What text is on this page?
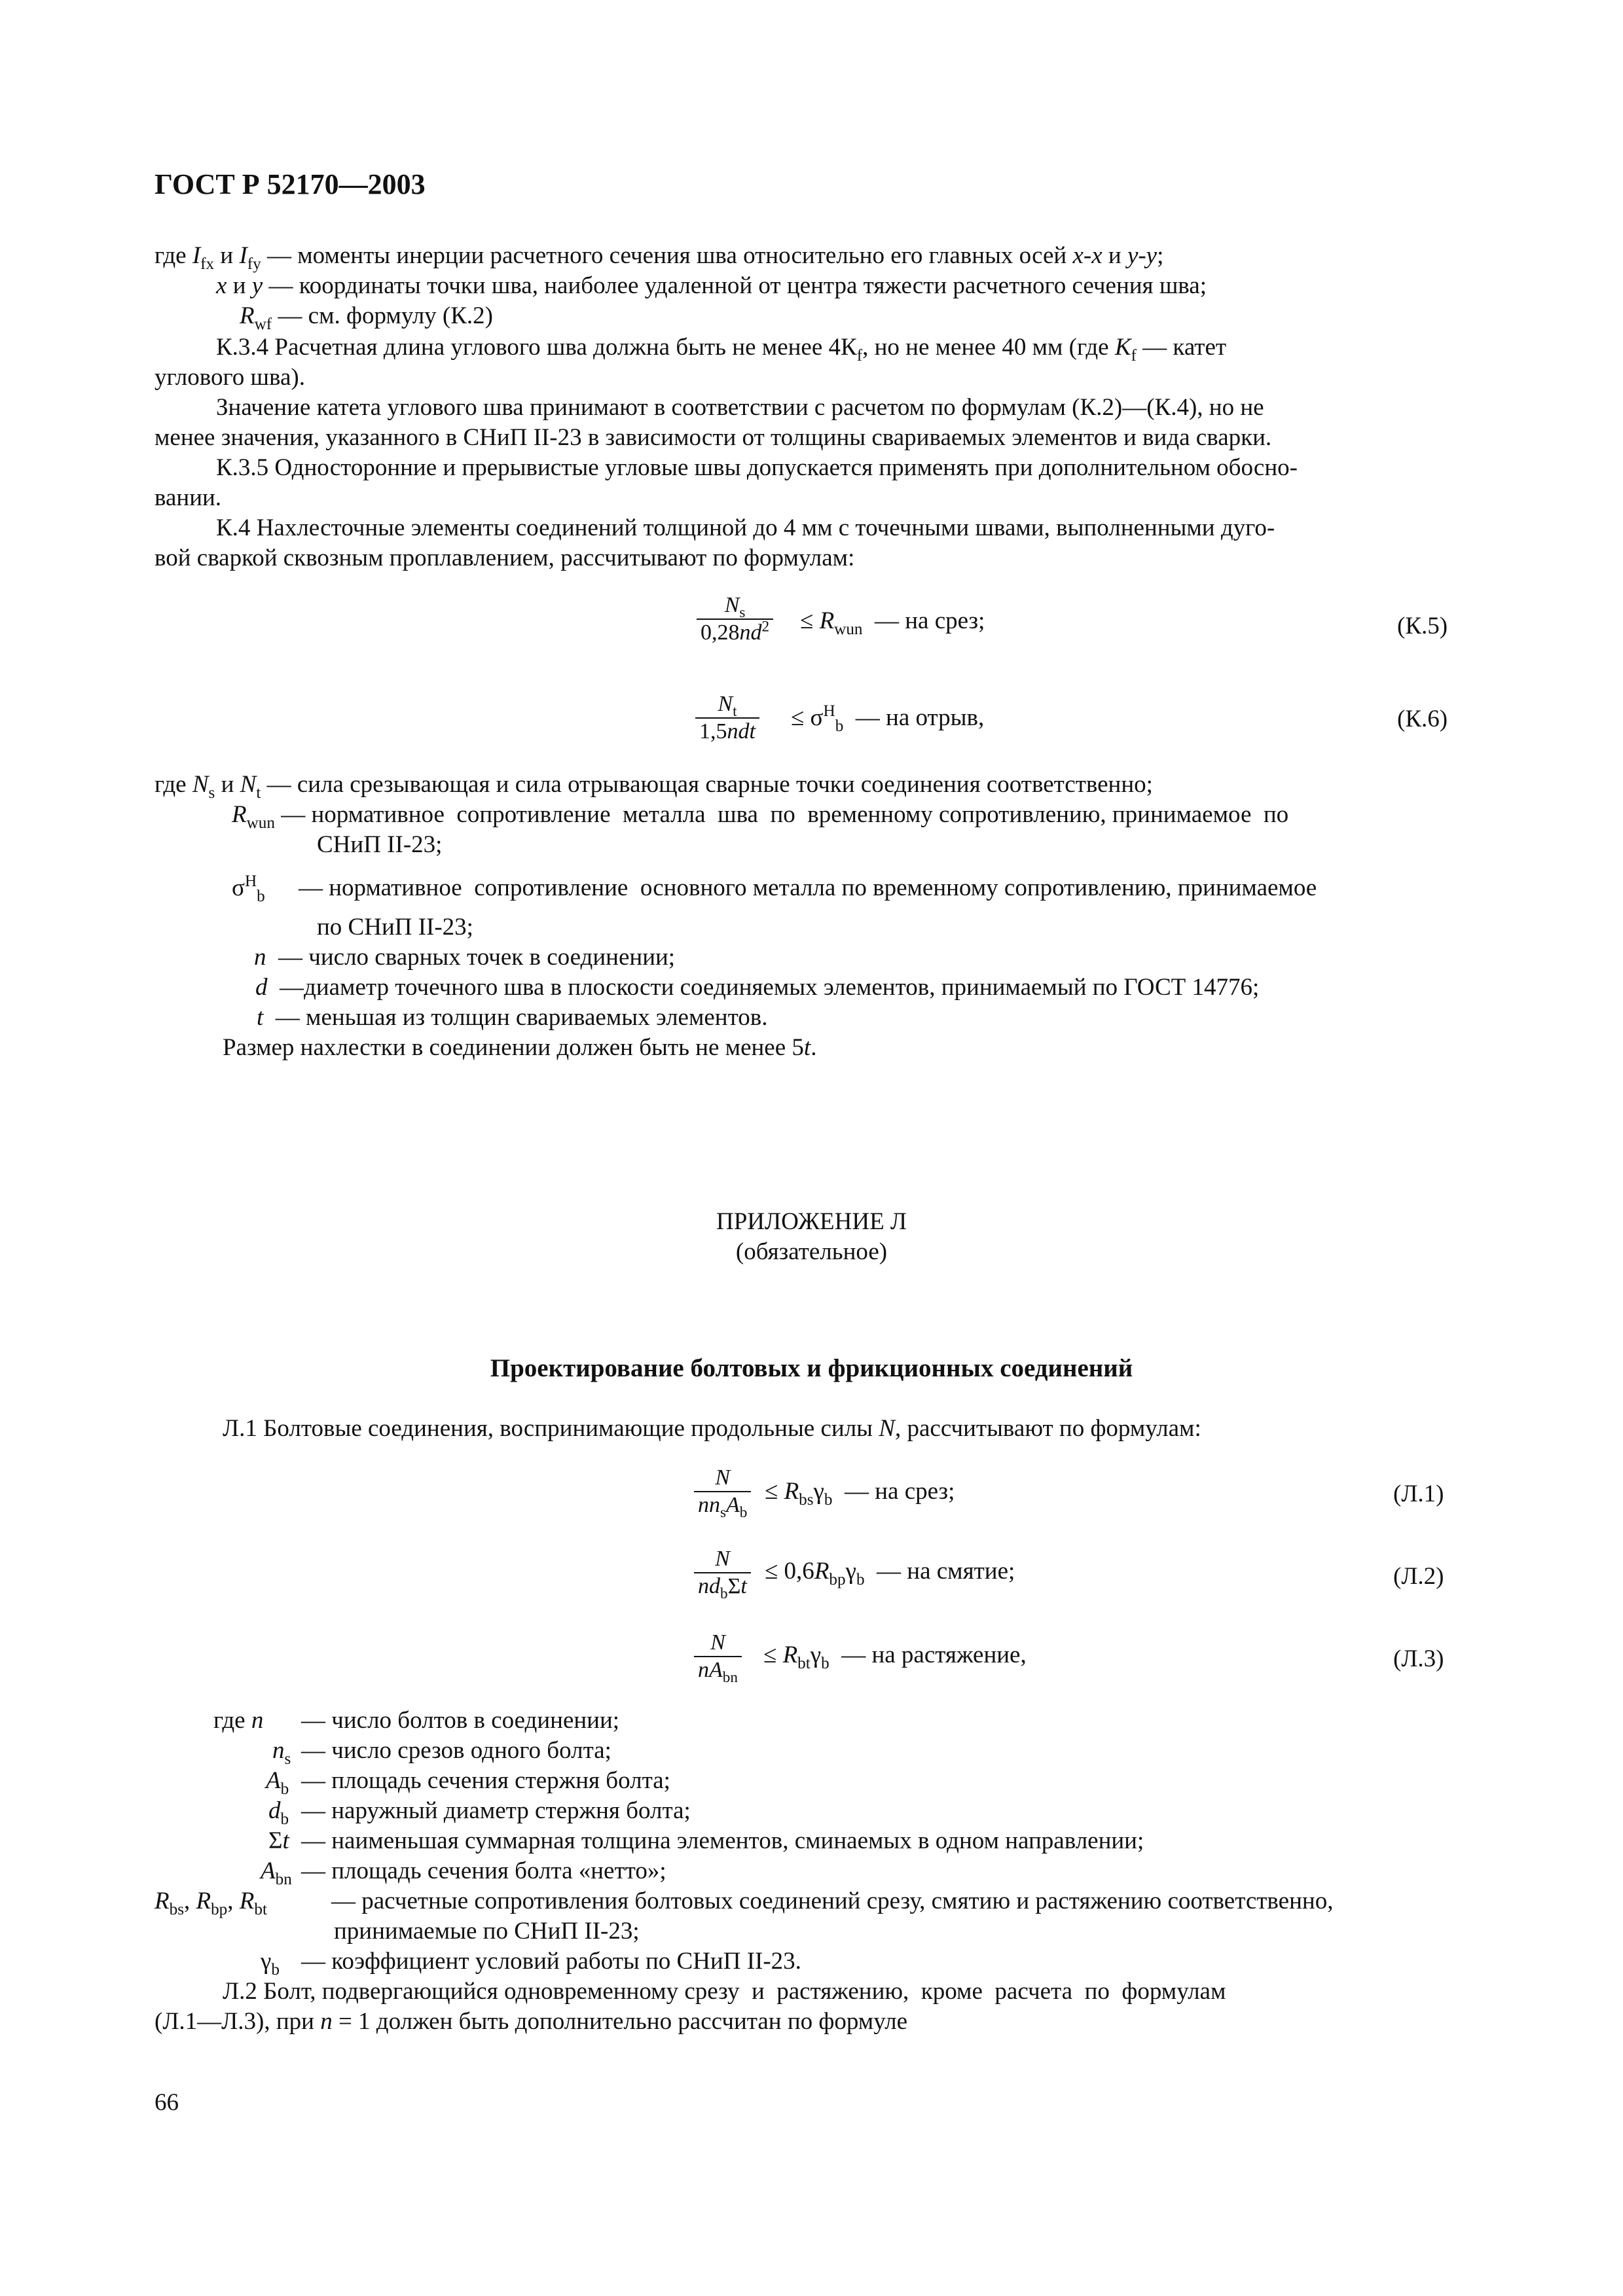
ГОСТ Р 52170—2003
где $I_{fx}$ и $I_{fy}$ — моменты инерции расчетного сечения шва относительно его главных осей x-x и y-y;
x и y — координаты точки шва, наиболее удаленной от центра тяжести расчетного сечения шва;
$R_{wf}$ — см. формулу (К.2)
К.3.4 Расчетная длина углового шва должна быть не менее $4К_f$, но не менее 40 мм (где $K_f$ — катет
углового шва).
Значение катета углового шва принимают в соответствии с расчетом по формулам (К.2)—(К.4), но не
менее значения, указанного в СНиП II-23 в зависимости от толщины свариваемых элементов и вида сварки.
К.3.5 Односторонние и прерывистые угловые швы допускается применять при дополнительном обосно-
вании.
К.4 Нахлесточные элементы соединений толщиной до 4 мм с точечными швами, выполненными дуго-
вой сваркой сквозным проплавлением, рассчитывают по формулам:
$\frac{N_s}{0,28nd^2} \le R_{wun}$  — на срез;	(К.5)
$N_t$
1,5ndt
≤ $\sigma^H_b$  — на отрыв,	(К.6)
где $N_s$ и $N_t$ — сила срезывающая и сила отрывающая сварные точки соединения соответственно;
$R_{wun}$ — нормативное  сопротивление  металла  шва  по  временному сопротивлению, принимаемое  по
СНиП II-23;
$\sigma^H_b$ — нормативное  сопротивление  основного металла по временному сопротивлению, принимаемое
по СНиП II-23;
n  — число сварных точек в соединении;
d  —диаметр точечного шва в плоскости соединяемых элементов, принимаемый по ГОСТ 14776;
t  — меньшая из толщин свариваемых элементов.
Размер нахлестки в соединении должен быть не менее 5t.
ПРИЛОЖЕНИЕ Л
(обязательное)
Проектирование болтовых и фрикционных соединений
Л.1 Болтовые соединения, воспринимающие продольные силы N, рассчитывают по формулам:
N
$nn_sA_b$
≤ $R_{bs}\gamma_b$  — на срез;	(Л.1)
N
$nd_b\Sigma t$
≤ $0,6R_{bp}\gamma_b$  — на смятие;	(Л.2)
N
$nA_{bn}$
≤ $R_{bt}\gamma_b$  — на растяжение,	(Л.3)
где n — число болтов в соединении;
$n_s$ — число срезов одного болта;
$A_b$ — площадь сечения стержня болта;
$d_b$ — наружный диаметр стержня болта;
Σt — наименьшая суммарная толщина элементов, сминаемых в одном направлении;
$A_{bn}$ — площадь сечения болта «нетто»;
$R_{bs}$, $R_{bp}$, $R_{bt}$	— расчетные сопротивления болтовых соединений срезу, смятию и растяжению соответственно,
принимаемые по СНиП II-23;
$\gamma_b$ — коэффициент условий работы по СНиП II-23.
Л.2 Болт, подвергающийся одновременному срезу  и  растяжению,  кроме  расчета  по  формулам
(Л.1—Л.3), при n = 1 должен быть дополнительно рассчитан по формуле
66
